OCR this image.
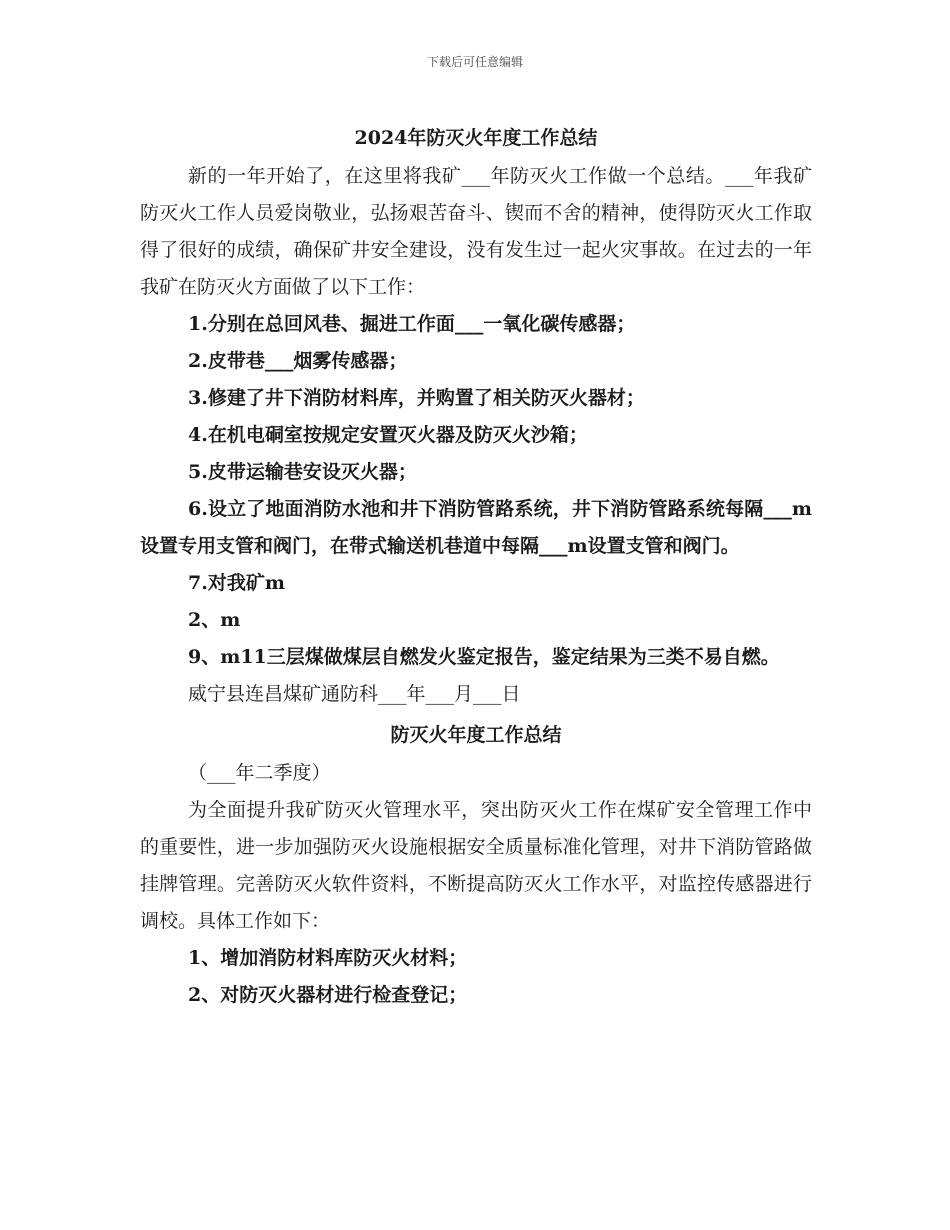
下载后可任意编辑
2024年防灭火年度工作总结

新的一年开始了，在这里将我矿___年防灭火工作做一个总结。___年我矿防灭火工作人员爱岗敬业，弘扬艰苦奋斗、锲而不舍的精神，使得防灭火工作取得了很好的成绩，确保矿井安全建设，没有发生过一起火灾事故。在过去的一年我矿在防灭火方面做了以下工作：

1.分别在总回风巷、掘进工作面___一氧化碳传感器；

2.皮带巷___烟雾传感器；

3.修建了井下消防材料库，并购置了相关防灭火器材；

4.在机电硐室按规定安置灭火器及防灭火沙箱；

5.皮带运输巷安设灭火器；

6.设立了地面消防水池和井下消防管路系统，井下消防管路系统每隔___m设置专用支管和阀门，在带式输送机巷道中每隔___m设置支管和阀门。

7.对我矿m

2、m

9、m11三层煤做煤层自燃发火鉴定报告，鉴定结果为三类不易自燃。

威宁县连昌煤矿通防科___年___月___日

防灭火年度工作总结

（___年二季度）

为全面提升我矿防灭火管理水平，突出防灭火工作在煤矿安全管理工作中的重要性，进一步加强防灭火设施根据安全质量标准化管理，对井下消防管路做挂牌管理。完善防灭火软件资料，不断提高防灭火工作水平，对监控传感器进行调校。具体工作如下：

1、增加消防材料库防灭火材料；

2、对防灭火器材进行检查登记；
